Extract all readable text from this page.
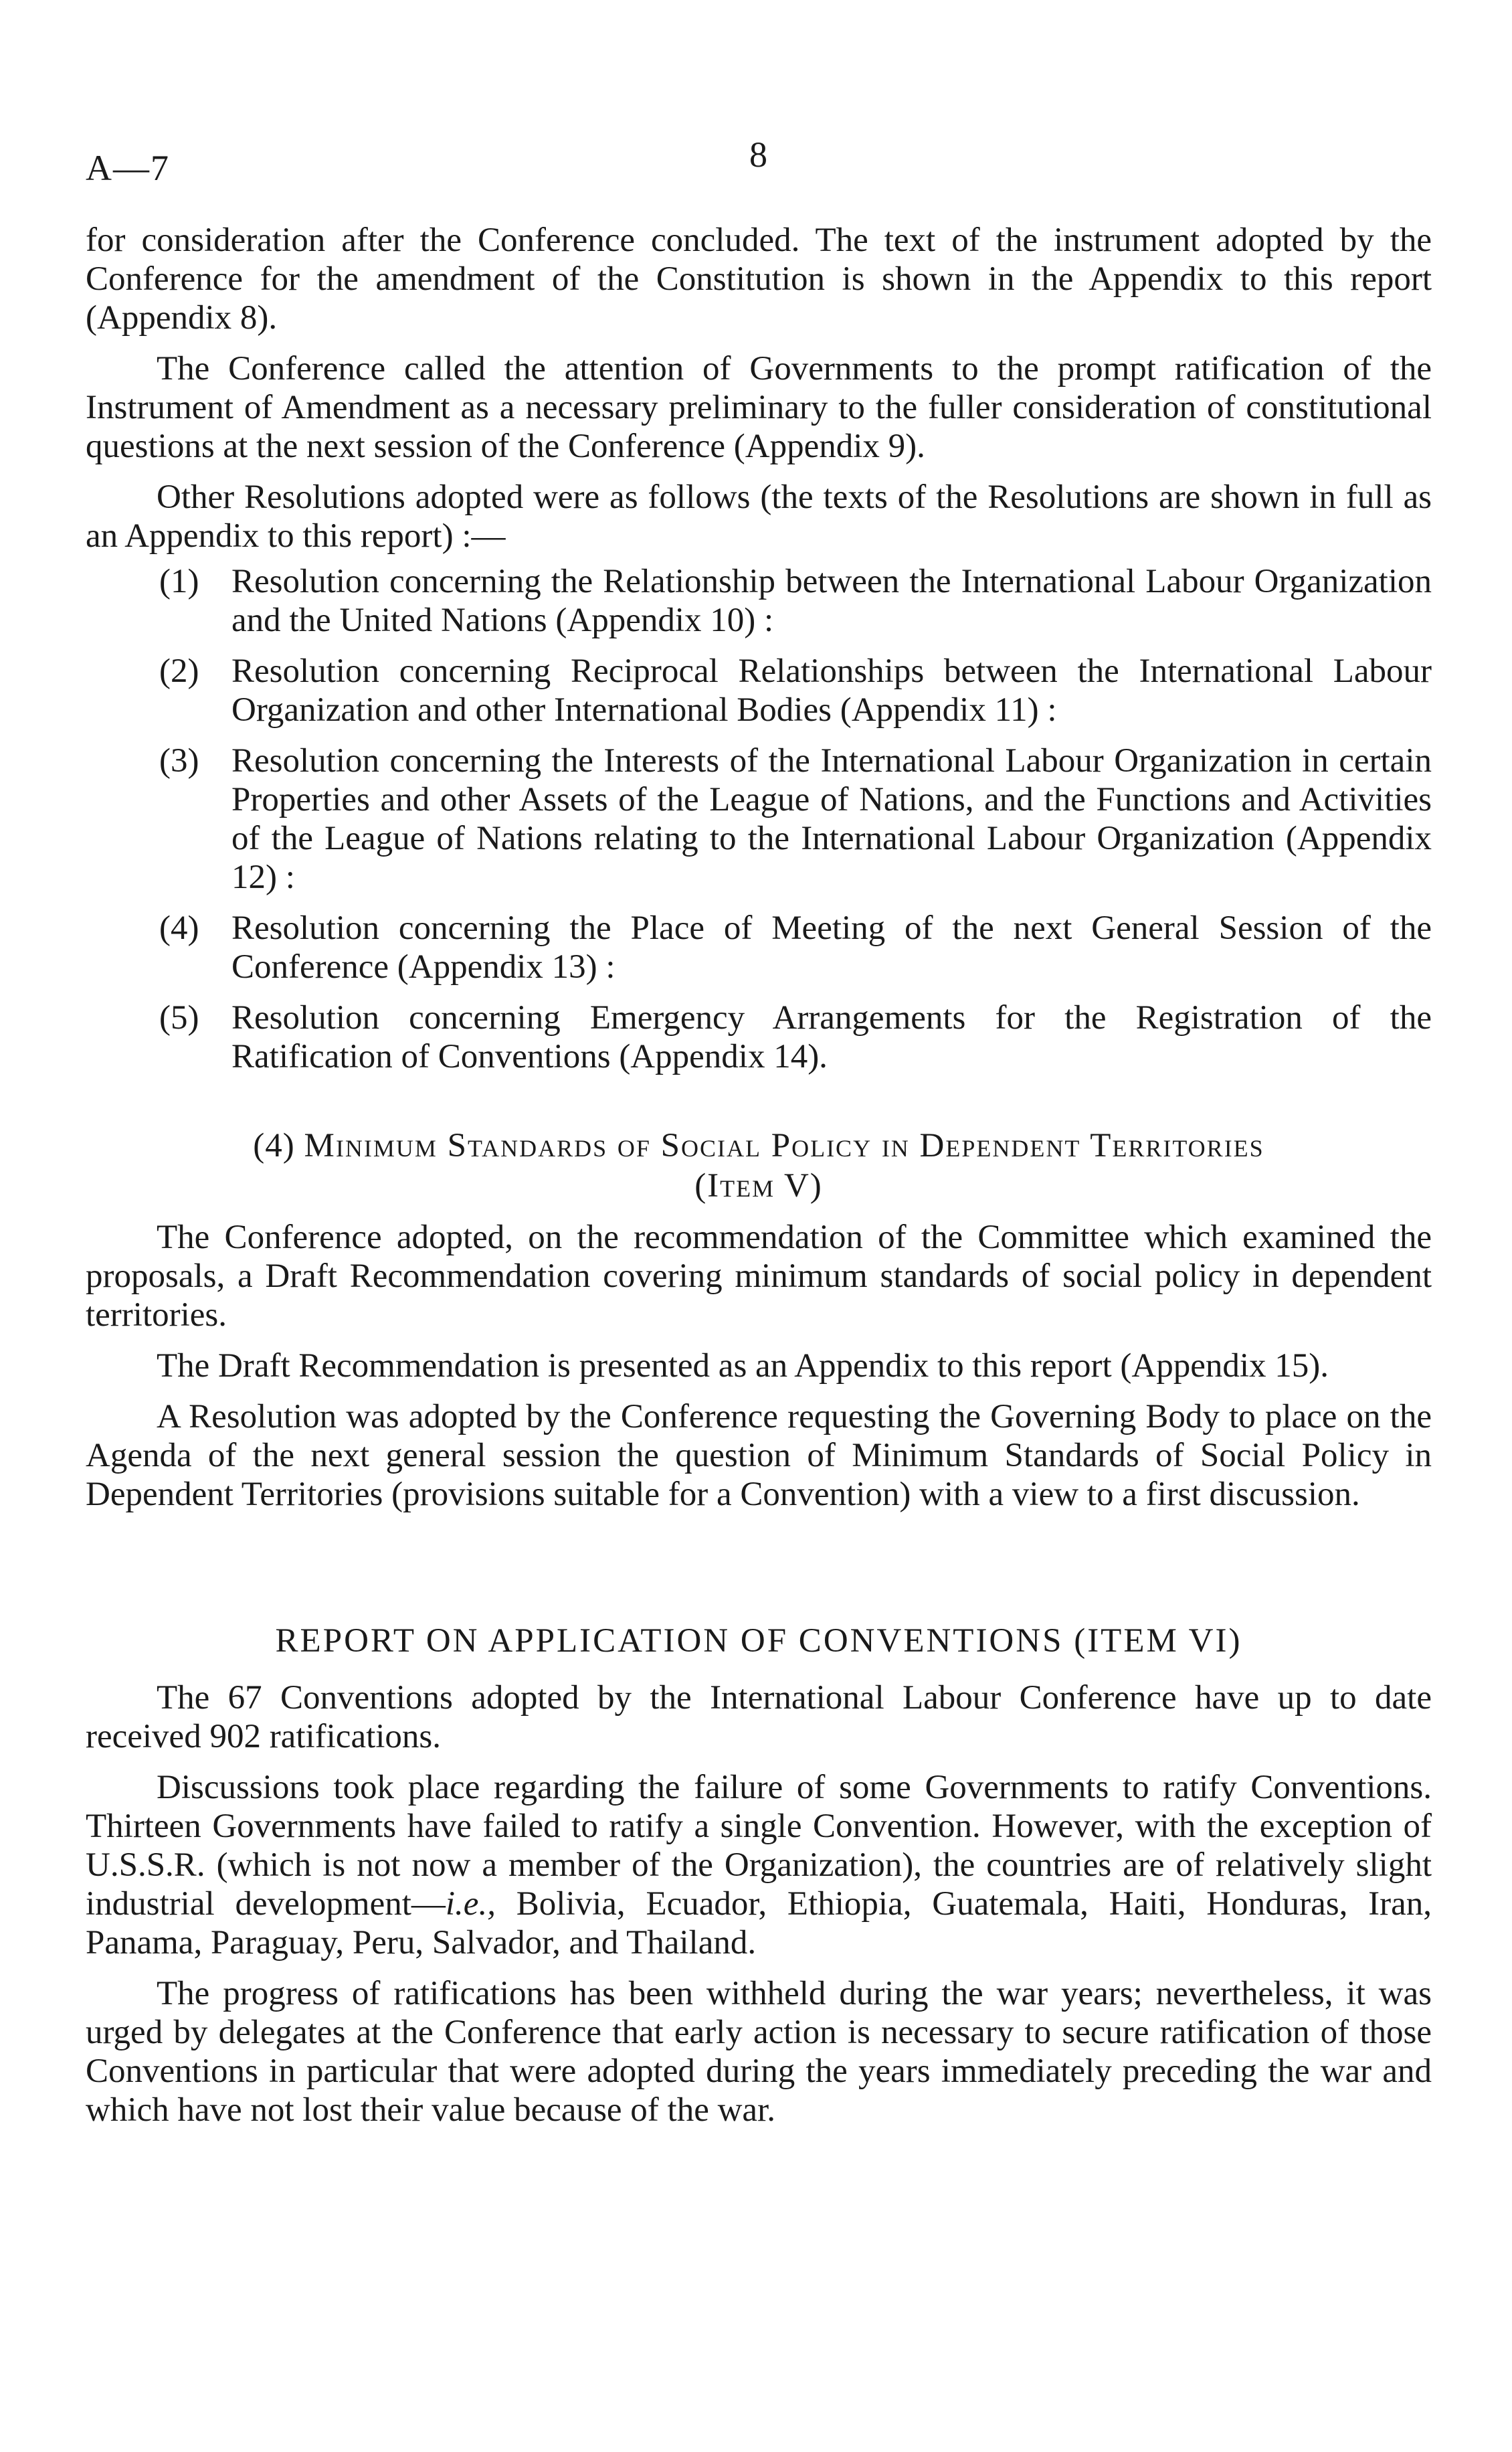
A—7	8

for consideration after the Conference concluded. The text of the instrument adopted by the Conference for the amendment of the Constitution is shown in the Appendix to this report (Appendix 8).

The Conference called the attention of Governments to the prompt ratification of the Instrument of Amendment as a necessary preliminary to the fuller consideration of constitutional questions at the next session of the Conference (Appendix 9).

Other Resolutions adopted were as follows (the texts of the Resolutions are shown in full as an Appendix to this report) :—

(1) Resolution concerning the Relationship between the International Labour Organization and the United Nations (Appendix 10) :
(2) Resolution concerning Reciprocal Relationships between the International Labour Organization and other International Bodies (Appendix 11) :
(3) Resolution concerning the Interests of the International Labour Organization in certain Properties and other Assets of the League of Nations, and the Functions and Activities of the League of Nations relating to the International Labour Organization (Appendix 12) :
(4) Resolution concerning the Place of Meeting of the next General Session of the Conference (Appendix 13) :
(5) Resolution concerning Emergency Arrangements for the Registration of the Ratification of Conventions (Appendix 14).
(4) Minimum Standards of Social Policy in Dependent Territories
(Item V)

The Conference adopted, on the recommendation of the Committee which examined the proposals, a Draft Recommendation covering minimum standards of social policy in dependent territories.

The Draft Recommendation is presented as an Appendix to this report (Appendix 15).

A Resolution was adopted by the Conference requesting the Governing Body to place on the Agenda of the next general session the question of Minimum Standards of Social Policy in Dependent Territories (provisions suitable for a Convention) with a view to a first discussion.

REPORT ON APPLICATION OF CONVENTIONS (ITEM VI)

The 67 Conventions adopted by the International Labour Conference have up to date received 902 ratifications.

Discussions took place regarding the failure of some Governments to ratify Conventions. Thirteen Governments have failed to ratify a single Convention. However, with the exception of U.S.S.R. (which is not now a member of the Organization), the countries are of relatively slight industrial development—i.e., Bolivia, Ecuador, Ethiopia, Guatemala, Haiti, Honduras, Iran, Panama, Paraguay, Peru, Salvador, and Thailand.

The progress of ratifications has been withheld during the war years; nevertheless, it was urged by delegates at the Conference that early action is necessary to secure ratification of those Conventions in particular that were adopted during the years immediately preceding the war and which have not lost their value because of the war.
